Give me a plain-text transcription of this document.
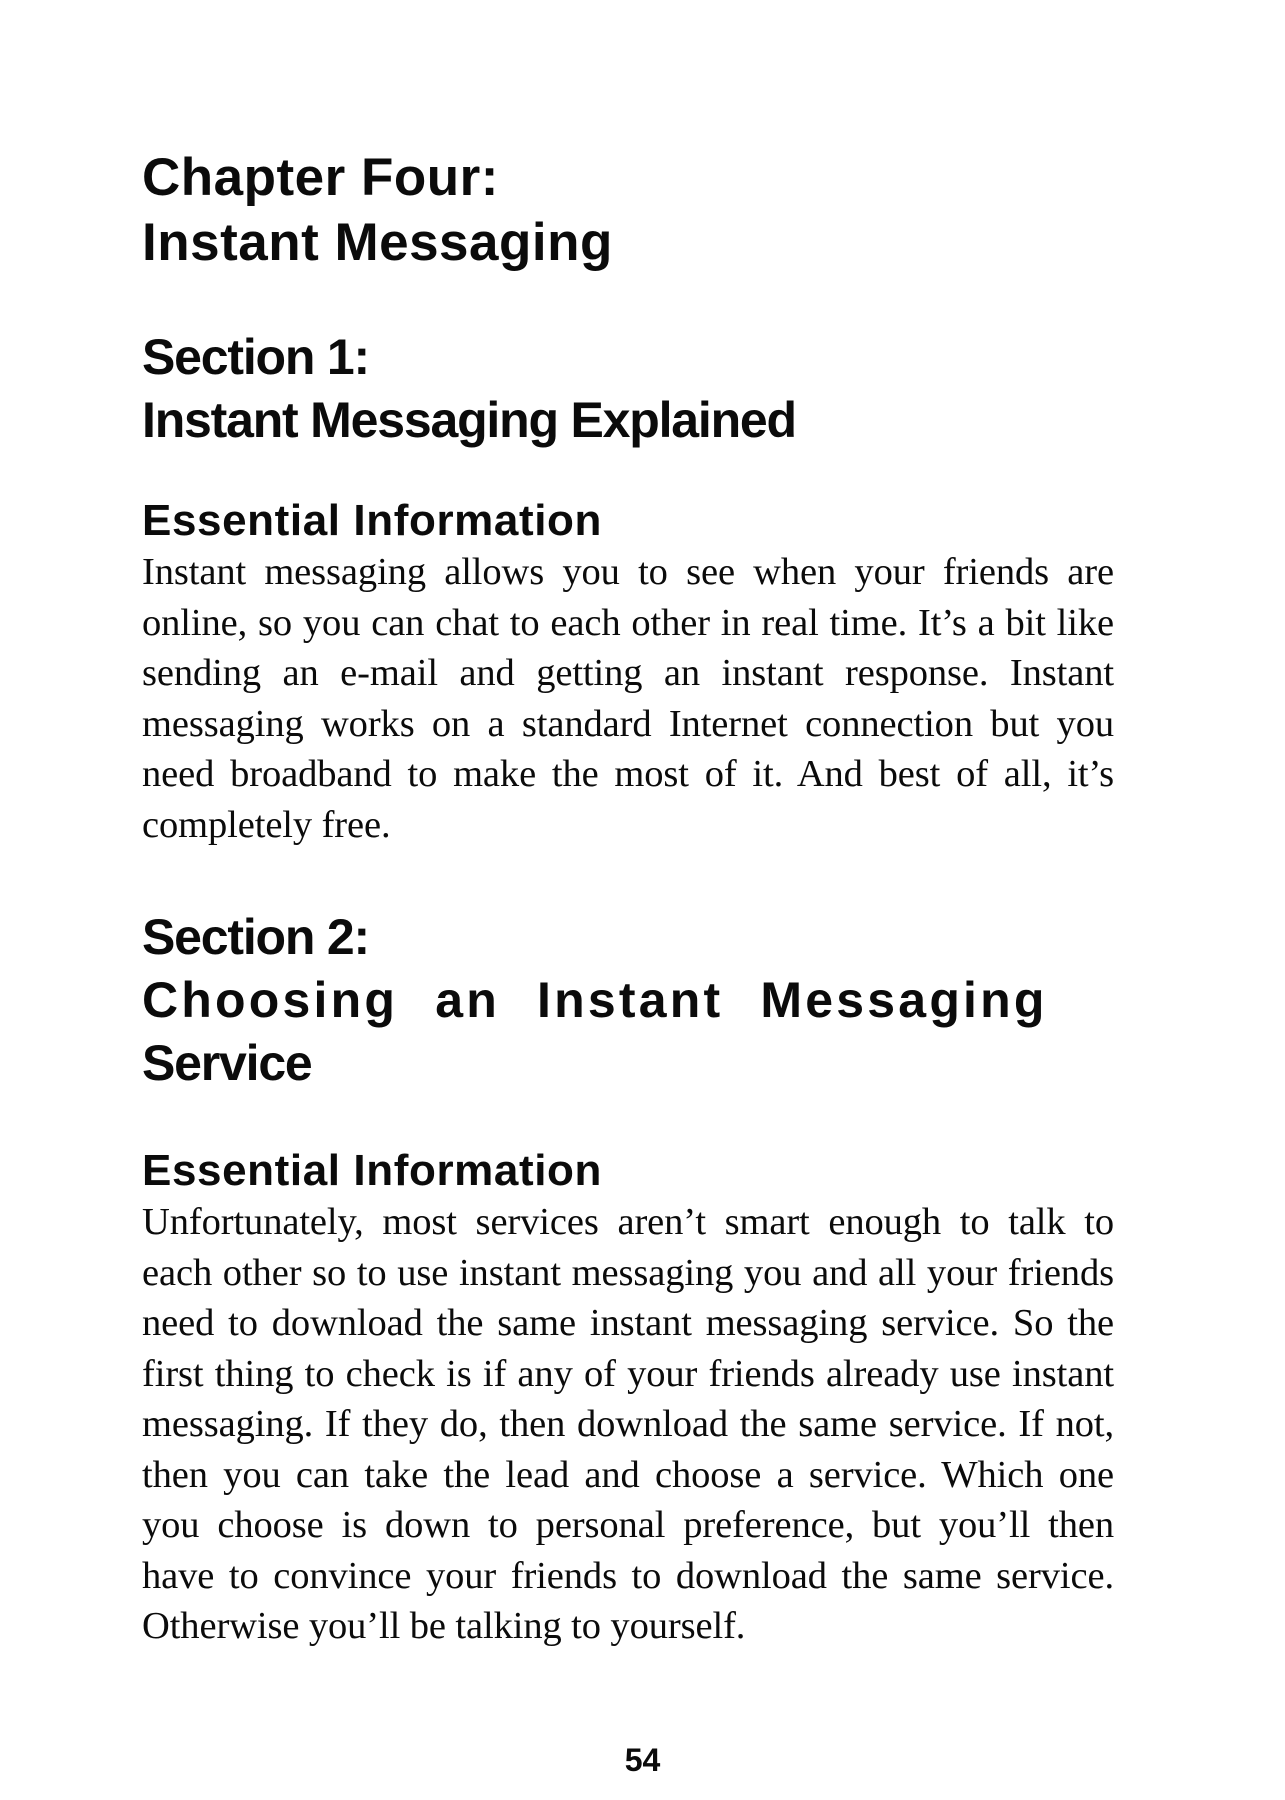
Chapter Four:
Instant Messaging
Section 1:
Instant Messaging Explained
Essential Information

Instant messaging allows you to see when your friends are online, so you can chat to each other in real time. It’s a bit like sending an e-mail and getting an instant response. Instant messaging works on a standard Internet connection but you need broadband to make the most of it. And best of all, it’s completely free.

Section 2:
Choosing an Instant Messaging
Service
Essential Information

Unfortunately, most services aren’t smart enough to talk to each other so to use instant messaging you and all your friends need to download the same instant messaging service. So the first thing to check is if any of your friends already use instant messaging. If they do, then download the same service. If not, then you can take the lead and choose a service. Which one you choose is down to personal preference, but you’ll then have to convince your friends to download the same service. Otherwise you’ll be talking to yourself.

54
